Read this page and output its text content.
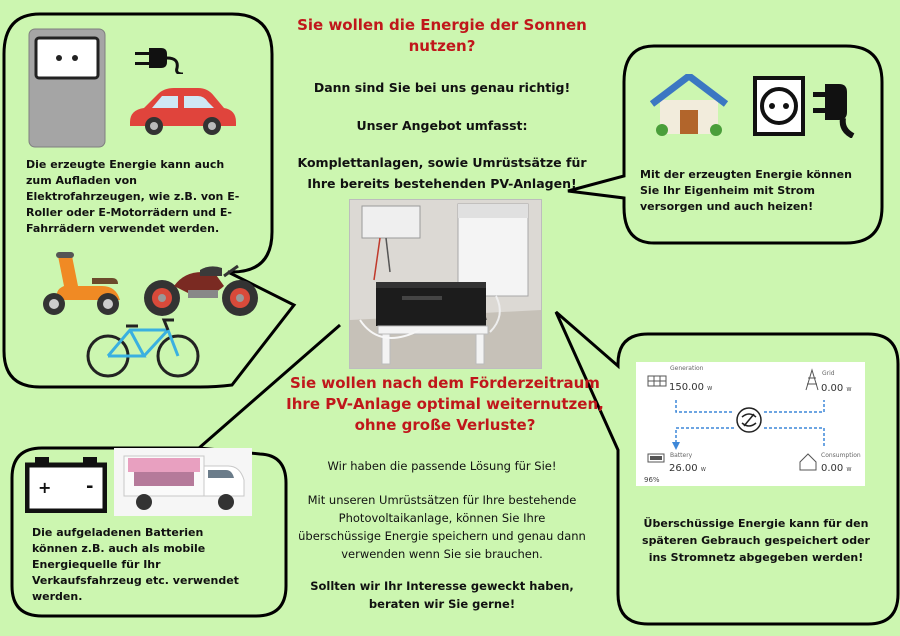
Sie wollen die Energie der Sonnen
nutzen?
Dann sind Sie bei uns genau richtig!
Unser Angebot umfasst:
Komplettanlagen, sowie Umrüstsätze für
Ihre bereits bestehenden PV-Anlagen!
Sie wollen nach dem Förderzeitraum
Ihre PV-Anlage optimal weiternutzen,
ohne große Verluste?
Wir haben die passende Lösung für Sie!
Mit unseren Umrüstsätzen für Ihre bestehende
Photovoltaikanlage, können Sie Ihre
überschüssige Energie speichern und genau dann
verwenden wenn Sie sie brauchen.
Sollten wir Ihr Interesse geweckt haben,
beraten wir Sie gerne!
Die erzeugte Energie kann auch
zum Aufladen von
Elektrofahrzeugen, wie z.B. von E-
Roller oder E-Motorrädern und E-
Fahrrädern verwendet werden.
Mit der erzeugten Energie können
Sie Ihr Eigenheim mit Strom
versorgen und auch heizen!
+ -
Die aufgeladenen Batterien
können z.B. auch als mobile
Energiequelle für Ihr
Verkaufsfahrzeug etc. verwendet
werden.
Generation
150.00 W
Grid
0.00 W
Battery
26.00 W
96%
Consumption
0.00 W
Überschüssige Energie kann für den
späteren Gebrauch gespeichert oder
ins Stromnetz abgegeben werden!
